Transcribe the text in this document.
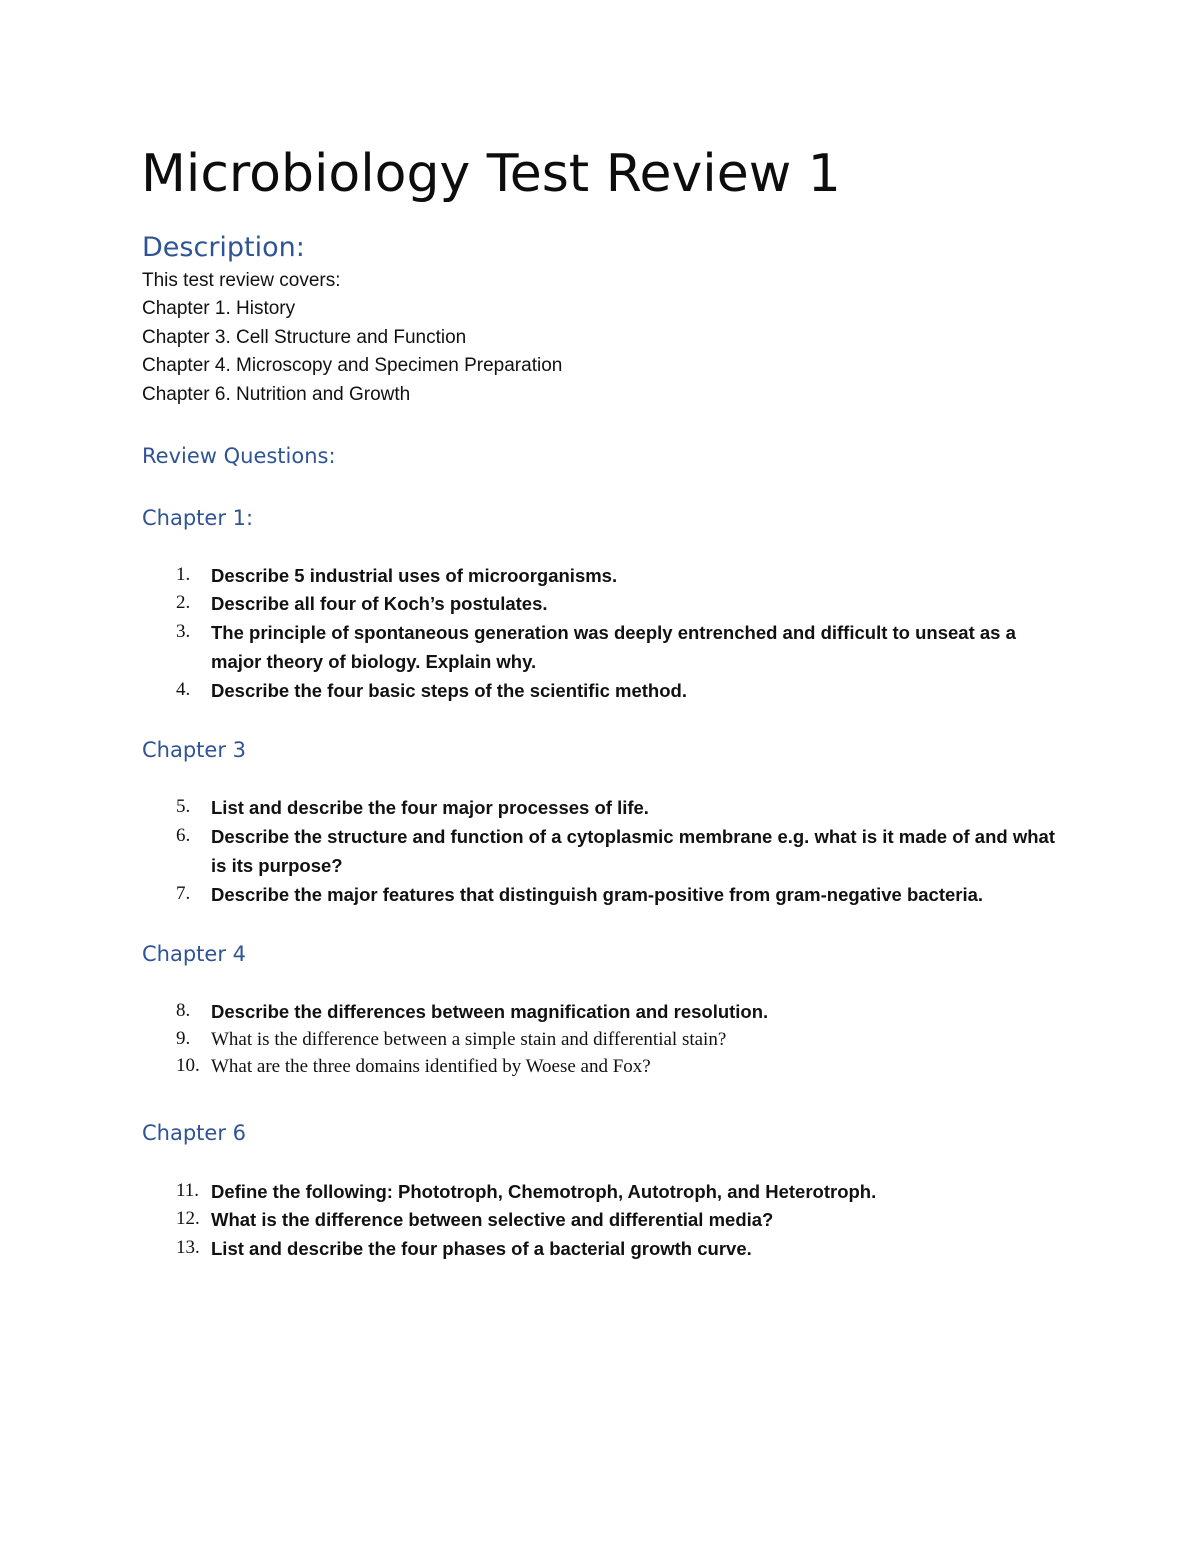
Microbiology Test Review 1
Description:

This test review covers:

Chapter 1. History

Chapter 3. Cell Structure and Function

Chapter 4. Microscopy and Specimen Preparation

Chapter 6. Nutrition and Growth

Review Questions:
Chapter 1:
1. Describe 5 industrial uses of microorganisms.
2. Describe all four of Koch’s postulates.
3. The principle of spontaneous generation was deeply entrenched and difficult to unseat as a major theory of biology. Explain why.
4. Describe the four basic steps of the scientific method.
Chapter 3
5. List and describe the four major processes of life.
6. Describe the structure and function of a cytoplasmic membrane e.g. what is it made of and what is its purpose?
7. Describe the major features that distinguish gram-positive from gram-negative bacteria.
Chapter 4
8. Describe the differences between magnification and resolution.
9. What is the difference between a simple stain and differential stain?
10. What are the three domains identified by Woese and Fox?
Chapter 6
11. Define the following: Phototroph, Chemotroph, Autotroph, and Heterotroph.
12. What is the difference between selective and differential media?
13. List and describe the four phases of a bacterial growth curve.
